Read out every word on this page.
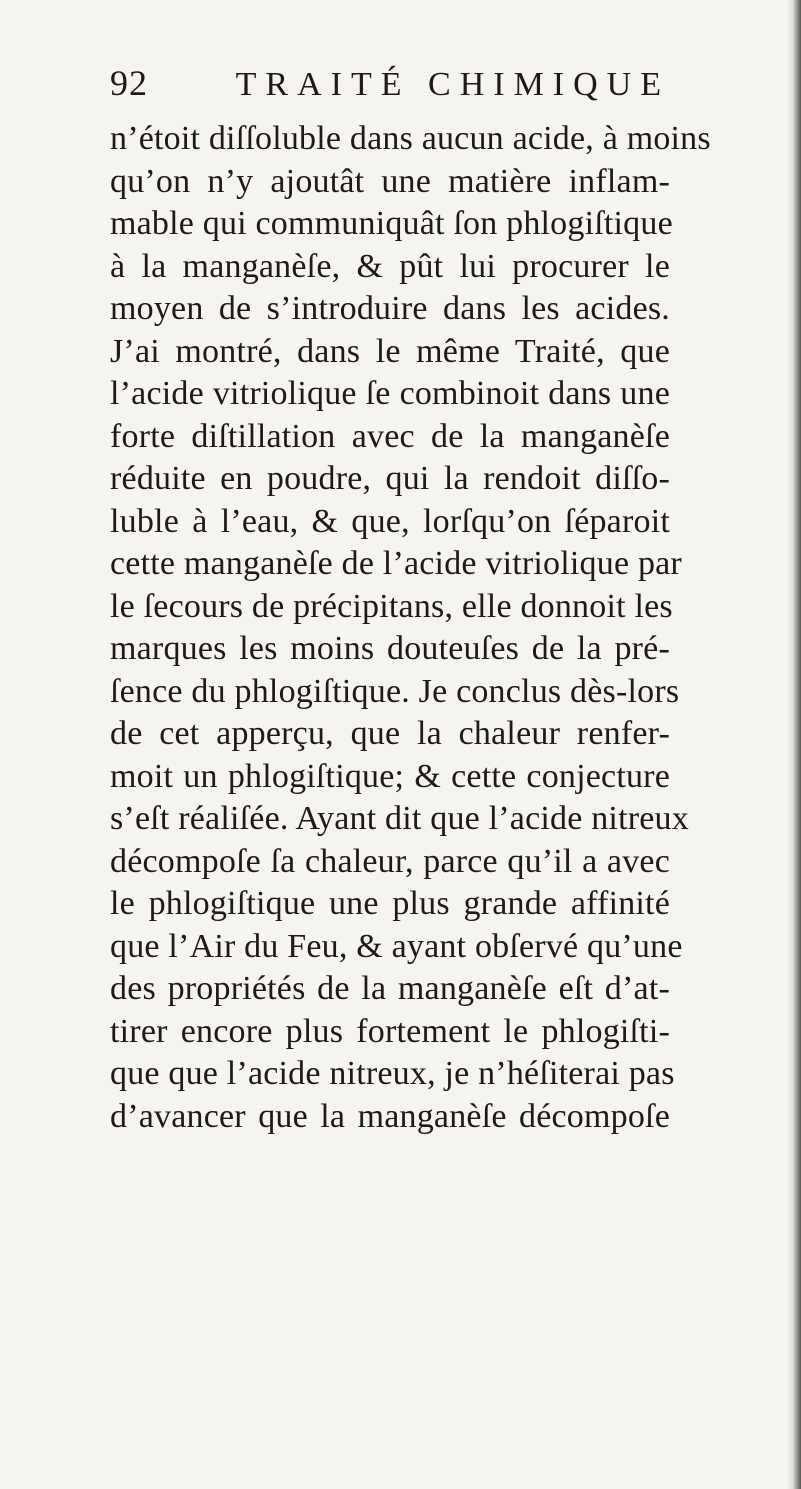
92	TRAITÉ CHIMIQUE
n’étoit diſſoluble dans aucun acide, à moins
qu’on n’y ajoutât une matière inflam-
mable qui communiquât ſon phlogiſtique
à la manganèſe, & pût lui procurer le
moyen de s’introduire dans les acides.
J’ai montré, dans le même Traité, que
l’acide vitriolique ſe combinoit dans une
forte diſtillation avec de la manganèſe
réduite en poudre, qui la rendoit diſſo-
luble à l’eau, & que, lorſqu’on ſéparoit
cette manganèſe de l’acide vitriolique par
le ſecours de précipitans, elle donnoit les
marques les moins douteuſes de la pré-
ſence du phlogiſtique. Je conclus dès-lors
de cet apperçu, que la chaleur renfer-
moit un phlogiſtique; & cette conjecture
s’eſt réaliſée. Ayant dit que l’acide nitreux
décompoſe ſa chaleur, parce qu’il a avec
le phlogiſtique une plus grande affinité
que l’Air du Feu, & ayant obſervé qu’une
des propriétés de la manganèſe eſt d’at-
tirer encore plus fortement le phlogiſti-
que que l’acide nitreux, je n’héſiterai pas
d’avancer que la manganèſe décompoſe
